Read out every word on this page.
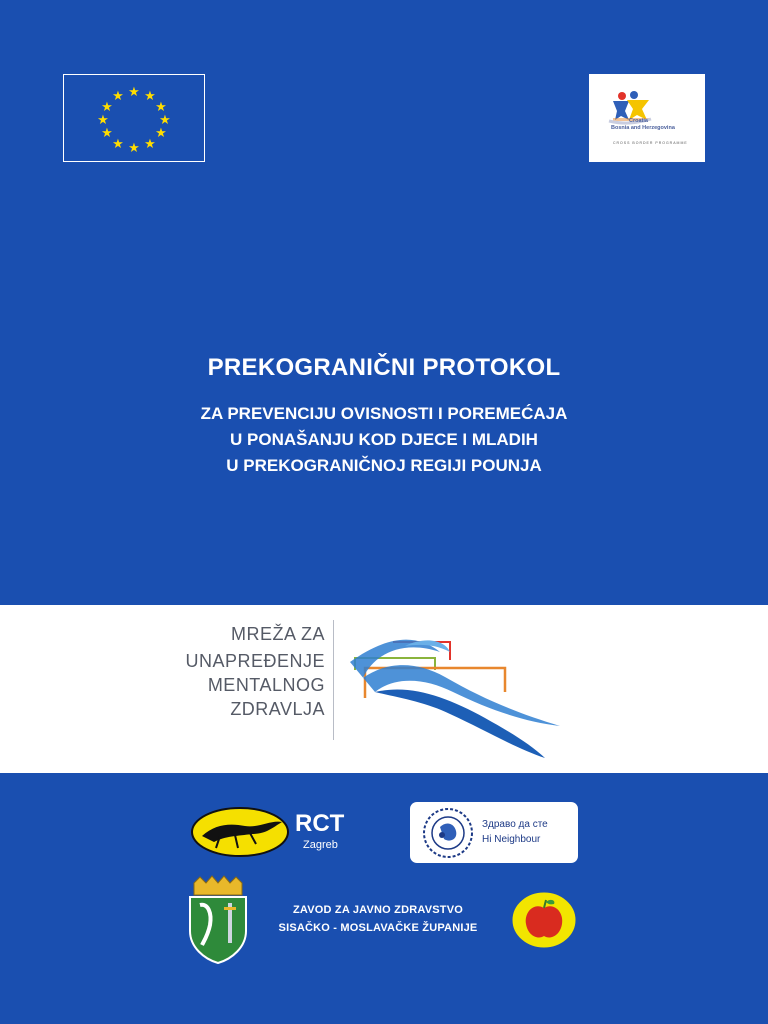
★ ★
★
★
★
★
★
★
★
★
★
★
Croatia
Bosnia and Herzegovina
CROSS BORDER PROGRAMME
PREKOGRANIČNI PROTOKOL
ZA PREVENCIJU OVISNOSTI I POREMEĆAJA
U PONAŠANJU KOD DJECE I MLADIH
U PREKOGRANIČNOJ REGIJI POUNJA
MREŽA ZA
UNAPREĐENJE
MENTALNOG
ZDRAVLJA
RCT
Zagreb
Здраво да сте
Hi Neighbour
ZAVOD ZA JAVNO ZDRAVSTVO
SISAČKO - MOSLAVAČKE ŽUPANIJE
